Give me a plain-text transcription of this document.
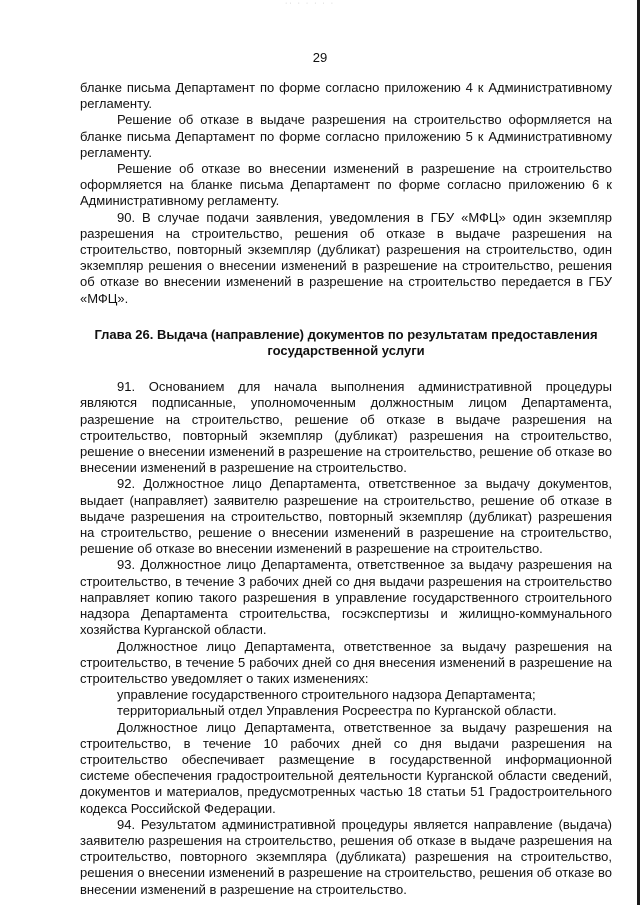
·· · · · · ·
29

бланке письма Департамент по форме согласно приложению 4 к Административному регламенту.

Решение об отказе в выдаче разрешения на строительство оформляется на бланке письма Департамент по форме согласно приложению 5 к Административному регламенту.

Решение об отказе во внесении изменений в разрешение на строительство оформляется на бланке письма Департамент по форме согласно приложению 6 к Административному регламенту.

90. В случае подачи заявления, уведомления в ГБУ «МФЦ» один экземпляр разрешения на строительство, решения об отказе в выдаче разрешения на строительство, повторный экземпляр (дубликат) разрешения на строительство, один экземпляр решения о внесении изменений в разрешение на строительство, решения об отказе во внесении изменений в разрешение на строительство передается в ГБУ «МФЦ».

Глава 26. Выдача (направление) документов по результатам предоставления государственной услуги

91. Основанием для начала выполнения административной процедуры являются подписанные, уполномоченным должностным лицом Департамента, разрешение на строительство, решение об отказе в выдаче разрешения на строительство, повторный экземпляр (дубликат) разрешения на строительство, решение о внесении изменений в разрешение на строительство, решение об отказе во внесении изменений в разрешение на строительство.

92. Должностное лицо Департамента, ответственное за выдачу документов, выдает (направляет) заявителю разрешение на строительство, решение об отказе в выдаче разрешения на строительство, повторный экземпляр (дубликат) разрешения на строительство, решение о внесении изменений в разрешение на строительство, решение об отказе во внесении изменений в разрешение на строительство.

93. Должностное лицо Департамента, ответственное за выдачу разрешения на строительство, в течение 3 рабочих дней со дня выдачи разрешения на строительство направляет копию такого разрешения в управление государственного строительного надзора Департамента строительства, госэкспертизы и жилищно-коммунального хозяйства Курганской области.

Должностное лицо Департамента, ответственное за выдачу разрешения на строительство, в течение 5 рабочих дней со дня внесения изменений в разрешение на строительство уведомляет о таких изменениях:

управление государственного строительного надзора Департамента;

территориальный отдел Управления Росреестра по Курганской области.

Должностное лицо Департамента, ответственное за выдачу разрешения на строительство, в течение 10 рабочих дней со дня выдачи разрешения на строительство обеспечивает размещение в государственной информационной системе обеспечения градостроительной деятельности Курганской области сведений, документов и материалов, предусмотренных частью 18 статьи 51 Градостроительного кодекса Российской Федерации.

94. Результатом административной процедуры является направление (выдача) заявителю разрешения на строительство, решения об отказе в выдаче разрешения на строительство, повторного экземпляра (дубликата) разрешения на строительство, решения о внесении изменений в разрешение на строительство, решения об отказе во внесении изменений в разрешение на строительство.
